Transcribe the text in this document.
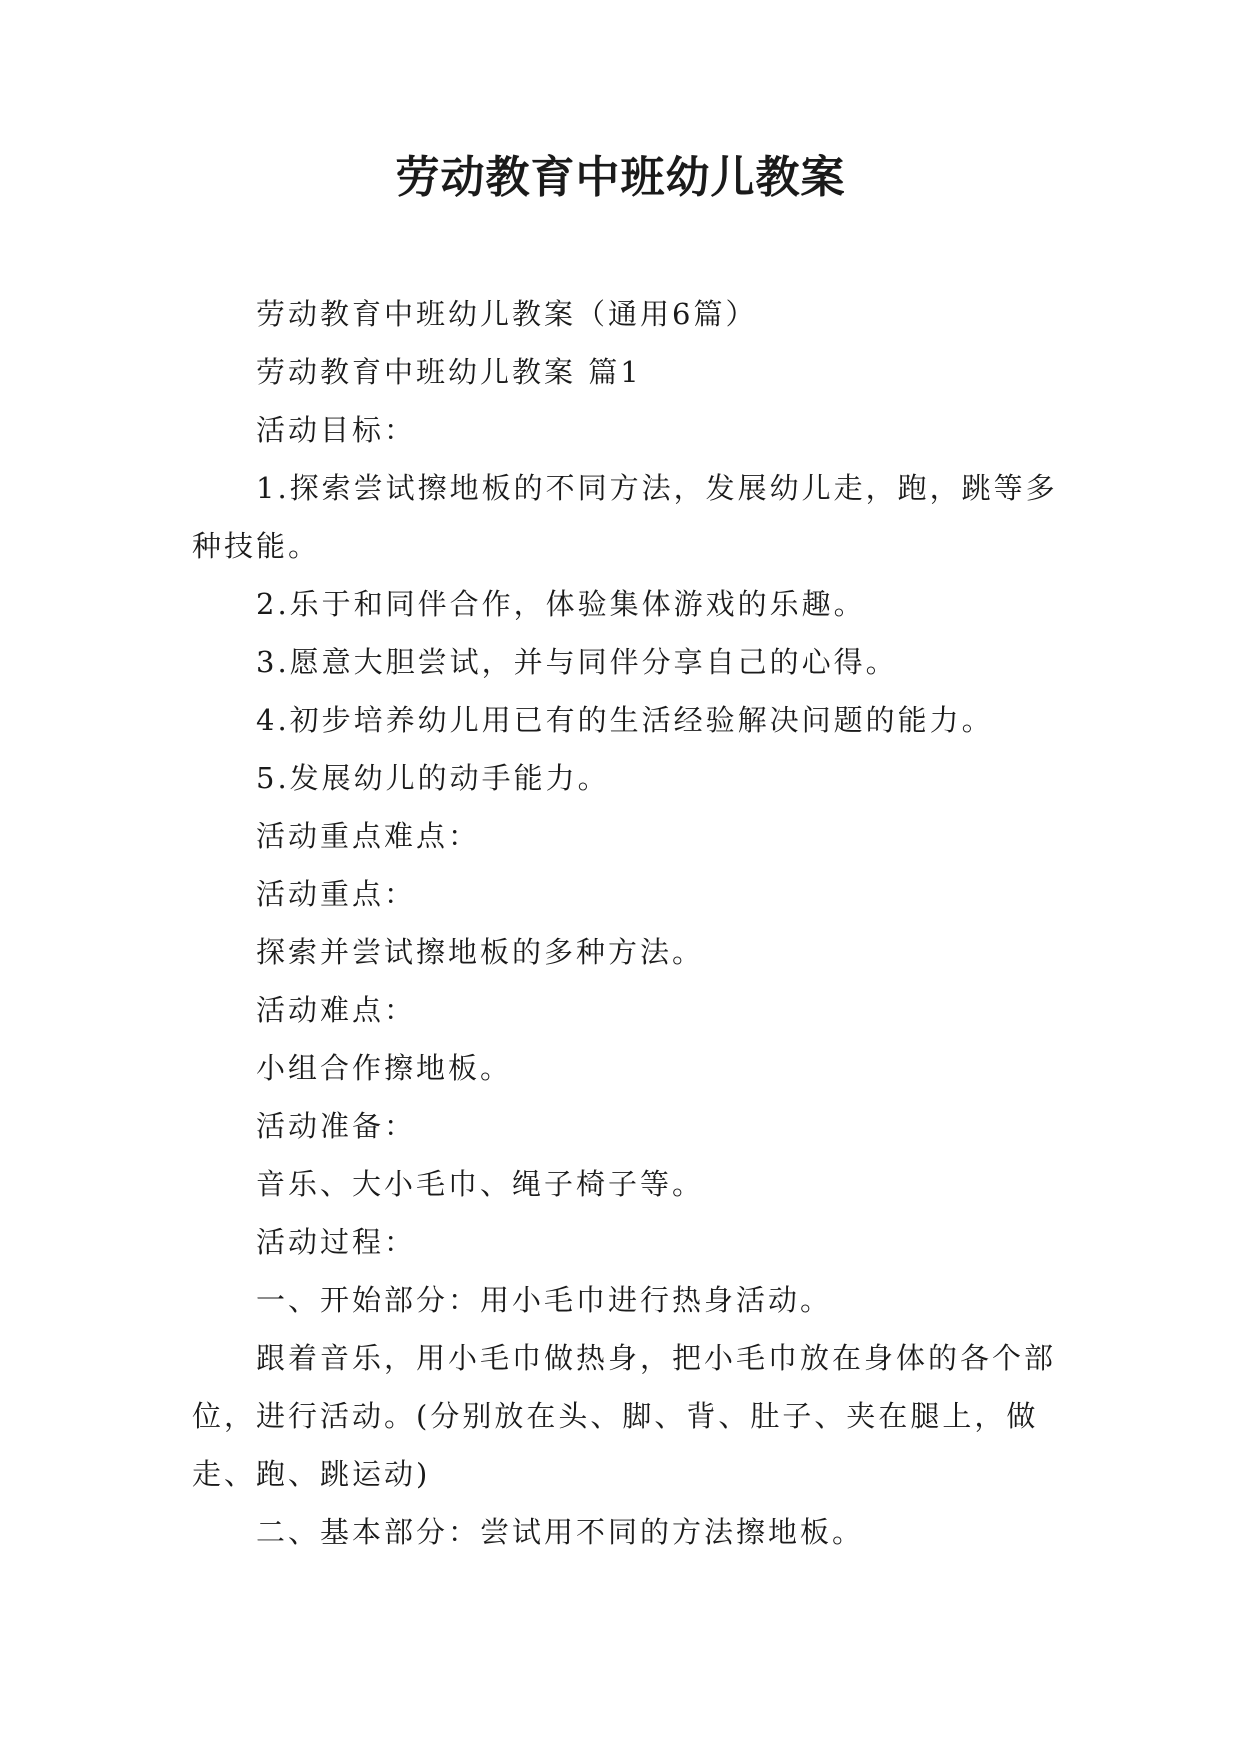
劳动教育中班幼儿教案

劳动教育中班幼儿教案（通用6篇）

劳动教育中班幼儿教案 篇1

活动目标：

1.探索尝试擦地板的不同方法，发展幼儿走，跑，跳等多种技能。

2.乐于和同伴合作，体验集体游戏的乐趣。

3.愿意大胆尝试，并与同伴分享自己的心得。

4.初步培养幼儿用已有的生活经验解决问题的能力。

5.发展幼儿的动手能力。

活动重点难点：

活动重点：

探索并尝试擦地板的多种方法。

活动难点：

小组合作擦地板。

活动准备：

音乐、大小毛巾、绳子椅子等。

活动过程：

一、开始部分：用小毛巾进行热身活动。

跟着音乐，用小毛巾做热身，把小毛巾放在身体的各个部位，进行活动。(分别放在头、脚、背、肚子、夹在腿上，做走、跑、跳运动)

二、基本部分：尝试用不同的方法擦地板。
